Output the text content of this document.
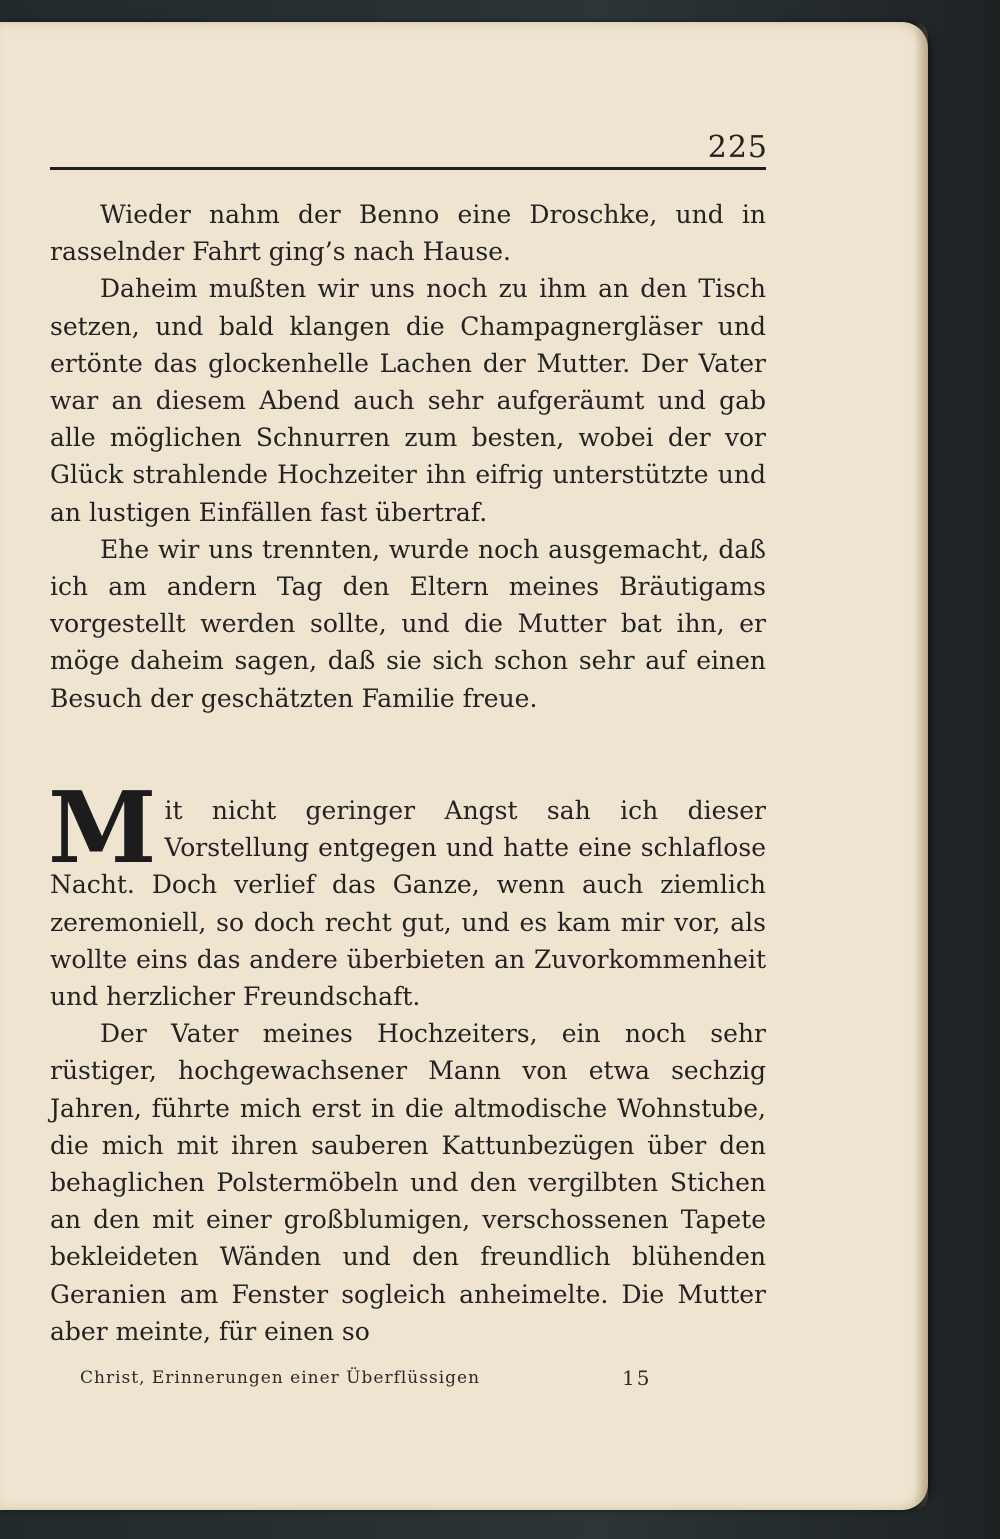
225

Wieder nahm der Benno eine Droschke, und in rasselnder Fahrt ging’s nach Hause.

Daheim mußten wir uns noch zu ihm an den Tisch setzen, und bald klangen die Champagnergläser und ertönte das glockenhelle Lachen der Mutter. Der Vater war an diesem Abend auch sehr aufgeräumt und gab alle möglichen Schnurren zum besten, wobei der vor Glück strahlende Hochzeiter ihn eifrig unterstützte und an lustigen Einfällen fast übertraf.

Ehe wir uns trennten, wurde noch ausgemacht, daß ich am andern Tag den Eltern meines Bräutigams vorgestellt werden sollte, und die Mutter bat ihn, er möge daheim sagen, daß sie sich schon sehr auf einen Besuch der geschätzten Familie freue.

Mit nicht geringer Angst sah ich dieser Vorstellung entgegen und hatte eine schlaflose Nacht. Doch verlief das Ganze, wenn auch ziemlich zeremoniell, so doch recht gut, und es kam mir vor, als wollte eins das andere überbieten an Zuvorkommenheit und herzlicher Freundschaft.

Der Vater meines Hochzeiters, ein noch sehr rüstiger, hochgewachsener Mann von etwa sechzig Jahren, führte mich erst in die altmodische Wohnstube, die mich mit ihren sauberen Kattunbezügen über den behaglichen Polstermöbeln und den vergilbten Stichen an den mit einer großblumigen, verschossenen Tapete bekleideten Wänden und den freundlich blühenden Geranien am Fenster sogleich anheimelte. Die Mutter aber meinte, für einen so

Christ, Erinnerungen einer Überflüssigen	15
